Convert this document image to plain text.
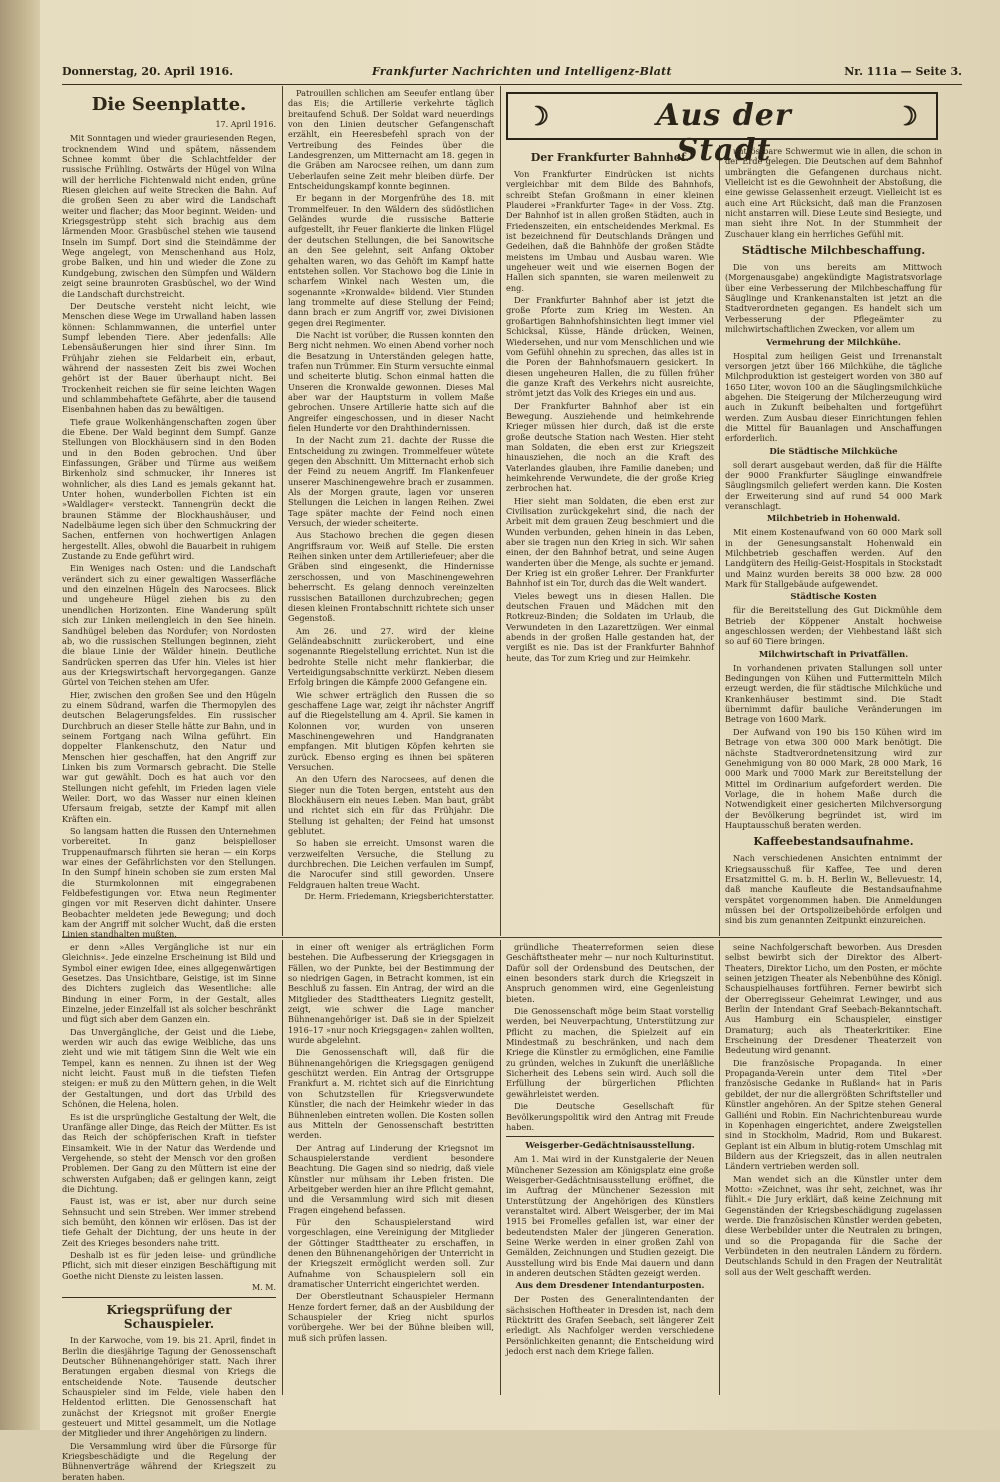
Donnerstag, 20. April 1916.	Frankfurter Nachrichten und Intelligenz-Blatt	Nr. 111a — Seite 3.
Die Seenplatte.
17. April 1916.

Mit Sonntagen und wieder grauriesenden Regen, trocknendem Wind und spätem, nässendem Schnee kommt über die Schlachtfelder der russische Frühling. Ostwärts der Hügel von Wilna will der herrliche Fichtenwald nicht enden, grüne Riesen gleichen auf weite Strecken die Bahn. Auf die großen Seen zu aber wird die Landschaft weiter und flacher; das Moor beginnt. Weiden- und Kriegsgestrüpp steht sich brachig aus dem lärmenden Moor. Grasbüschel stehen wie tausend Inseln im Sumpf. Dort sind die Steindämme der Wege angelegt, von Menschenhand aus Holz, grobe Balken, und hin und wieder die Zone zu Kundgebung, zwischen den Sümpfen und Wäldern zeigt seine braunroten Grasbüschel, wo der Wind die Landschaft durchstreicht.

Der Deutsche versteht nicht leicht, wie Menschen diese Wege im Urwalland haben lassen können: Schlammwannen, die unterfiel unter Sumpf lebenden Tiere. Aber jedenfalls: Alle Lebensäußerungen hier sind ihrer Sinn. Im Frühjahr ziehen sie Feldarbeit ein, erbaut, während der nassesten Zeit bis zwei Wochen gehört ist der Bauer überhaupt nicht. Bei Trockenheit reichen sie für seine leichten Wagen und schlammbehaftete Gefährte, aber die tausend Eisenbahnen haben das zu bewältigen.

Tiefe graue Wolkenhängenschaften zogen über die Ebene. Der Wald beginnt dem Sumpf. Ganze Stellungen von Blockhäusern sind in den Boden und in den Boden gebrochen. Und über Einfassungen, Gräber und Türme aus weißem Birkenholz sind schmucker, ihr Inneres ist wohnlicher, als dies Land es jemals gekannt hat. Unter hohen, wunderbollen Fichten ist ein »Waldlager« versteckt. Tannengrün deckt die braunen Stämme der Blockhaushäuser, und Nadelbäume legen sich über den Schmuckring der Sachen, entfernen von hochwertigen Anlagen hergestellt. Alles, obwohl die Bauarbeit in ruhigem Zustande zu Ende geführt wird.

Ein Weniges nach Osten: und die Landschaft verändert sich zu einer gewaltigen Wasserfläche und den einzelnen Hügeln des Narocsees. Blick und ungeheure Hügel ziehen bis zu den unendlichen Horizonten. Eine Wanderung spült sich zur Linken meilengleich in den See hinein. Sandhügel beleben das Nordufer; von Nordosten ab, wo die russischen Stellungen beginnen, zieht die blaue Linie der Wälder hinein. Deutliche Sandrücken sperren das Ufer hin. Vieles ist hier aus der Kriegswirtschaft hervorgegangen. Ganze Gürtel von Teichen stehen am Ufer.

Hier, zwischen den großen See und den Hügeln zu einem Südrand, warfen die Thermopylen des deutschen Belagerungsfeldes. Ein russischer Durchbruch an dieser Stelle hätte zur Bahn, und in seinem Fortgang nach Wilna geführt. Ein doppelter Flankenschutz, den Natur und Menschen hier geschaffen, hat den Angriff zur Linken bis zum Vormarsch gebracht. Die Stelle war gut gewählt. Doch es hat auch vor den Stellungen nicht gefehlt, im Frieden lagen viele Weiler. Dort, wo das Wasser nur einen kleinen Ufersaum freigab, setzte der Kampf mit allen Kräften ein.

So langsam hatten die Russen den Unternehmen vorbereitet. In ganz beispielloser Truppenaufmarsch führten sie heran — ein Korps war eines der Gefährlichsten vor den Stellungen. In den Sumpf hinein schoben sie zum ersten Mal die Sturmkolonnen mit eingegrabenen Feldbefestigungen vor. Etwa neun Regimenter gingen vor mit Reserven dicht dahinter. Unsere Beobachter meldeten jede Bewegung; und doch kam der Angriff mit solcher Wucht, daß die ersten Linien standhalten mußten.

Patrouillen schlichen am Seeufer entlang über das Eis; die Artillerie verkehrte täglich breitaufend Schuß. Der Soldat ward neuerdings von den Linien deutscher Gefangenschaft erzählt, ein Heeresbefehl sprach von der Vertreibung des Feindes über die Landesgrenzen, um Mitternacht am 18. gegen in die Gräben am Narocsee reihen, um dann zum Ueberlaufen seine Zeit mehr bleiben dürfe. Der Entscheidungskampf konnte beginnen.

Er begann in der Morgenfrühe des 18. mit Trommelfeuer. In den Wäldern des südöstlichen Geländes wurde die russische Batterie aufgestellt, ihr Feuer flankierte die linken Flügel der deutschen Stellungen, die bei Sanowitsche an den See gelehnt, seit Anfang Oktober gehalten waren, wo das Gehöft im Kampf hatte entstehen sollen. Vor Stachowo bog die Linie in scharfem Winkel nach Westen um, die sogenannte »Kronwalde« bildend. Vier Stunden lang trommelte auf diese Stellung der Feind; dann brach er zum Angriff vor, zwei Divisionen gegen drei Regimenter.

Die Nacht ist vorüber, die Russen konnten den Berg nicht nehmen. Wo einen Abend vorher noch die Besatzung in Unterständen gelegen hatte, trafen nun Trümmer. Ein Sturm versuchte einmal und scheiterte blutig. Schon einmal hatten die Unseren die Kronwalde gewonnen. Dieses Mal aber war der Hauptsturm in vollem Maße gebrochen. Unsere Artillerie hatte sich auf die Angreifer eingeschossen, und in dieser Nacht fielen Hunderte vor den Drahthindernissen.

In der Nacht zum 21. dachte der Russe die Entscheidung zu zwingen. Trommelfeuer wütete gegen den Abschnitt. Um Mitternacht erhob sich der Feind zu neuem Angriff. Im Flankenfeuer unserer Maschinengewehre brach er zusammen. Als der Morgen graute, lagen vor unseren Stellungen die Leichen in langen Reihen. Zwei Tage später machte der Feind noch einen Versuch, der wieder scheiterte.

Aus Stachowo brechen die gegen diesen Angriffsraum vor. Weiß auf Stelle. Die ersten Reihen sinken unter dem Artilleriefeuer; aber die Gräben sind eingesenkt, die Hindernisse zerschossen, und von Maschinengewehren beherrscht. Es gelang dennoch vereinzelten russischen Bataillonen durchzubrechen; gegen diesen kleinen Frontabschnitt richtete sich unser Gegenstoß.

Am 26. und 27. wird der kleine Geländeabschnitt zurückerobert, und eine sogenannte Riegelstellung errichtet. Nun ist die bedrohte Stelle nicht mehr flankierbar, die Verteidigungsabschnitte verkürzt. Neben diesem Erfolg bringen die Kämpfe 2000 Gefangene ein.

Wie schwer erträglich den Russen die so geschaffene Lage war, zeigt ihr nächster Angriff auf die Riegelstellung am 4. April. Sie kamen in Kolonnen vor, wurden von unseren Maschinengewehren und Handgranaten empfangen. Mit blutigen Köpfen kehrten sie zurück. Ebenso erging es ihnen bei späteren Versuchen.

An den Ufern des Narocsees, auf denen die Sieger nun die Toten bergen, entsteht aus den Blockhäusern ein neues Leben. Man baut, gräbt und richtet sich ein für das Frühjahr. Die Stellung ist gehalten; der Feind hat umsonst geblutet.

So haben sie erreicht. Umsonst waren die verzweifelten Versuche, die Stellung zu durchbrechen. Die Leichen verfaulen im Sumpf, die Narocufer sind still geworden. Unsere Feldgrauen halten treue Wacht.

Dr. Herm. Friedemann, Kriegsberichterstatter.
☽	Aus der Stadt
☽
Der Frankfurter Bahnhof.

Von Frankfurter Eindrücken ist nichts vergleichbar mit dem Bilde des Bahnhofs, schreibt Stefan Großmann in einer kleinen Plauderei »Frankfurter Tage« in der Voss. Ztg. Der Bahnhof ist in allen großen Städten, auch in Friedenszeiten, ein entscheidendes Merkmal. Es ist bezeichnend für Deutschlands Drängen und Gedeihen, daß die Bahnhöfe der großen Städte meistens im Umbau und Ausbau waren. Wie ungeheuer weit und wie eisernen Bogen der Hallen sich spannten, sie waren meilenweit zu eng.

Der Frankfurter Bahnhof aber ist jetzt die große Pforte zum Krieg im Westen. An großartigen Bahnhofshinsichten liegt immer viel Schicksal, Küsse, Hände drücken, Weinen, Wiedersehen, und nur vom Menschlichen und wie vom Gefühl ohnehin zu sprechen, das alles ist in die Poren der Bahnhofsmauern gesickert. In diesen ungeheuren Hallen, die zu füllen früher die ganze Kraft des Verkehrs nicht ausreichte, strömt jetzt das Volk des Krieges ein und aus.

Der Frankfurter Bahnhof aber ist ein Bewegung. Ausziehende und heimkehrende Krieger müssen hier durch, daß ist die erste große deutsche Station nach Westen. Hier steht man Soldaten, die eben erst zur Kriegszeit hinausziehen, die noch an die Kraft des Vaterlandes glauben, ihre Familie daneben; und heimkehrende Verwundete, die der große Krieg zerbrochen hat.

Hier sieht man Soldaten, die eben erst zur Civilisation zurückgekehrt sind, die nach der Arbeit mit dem grauen Zeug beschmiert und die Wunden verbunden, gehen hinein in das Leben, aber sie tragen nun den Krieg in sich. Wir sahen einen, der den Bahnhof betrat, und seine Augen wanderten über die Menge, als suchte er jemand. Der Krieg ist ein großer Lehrer. Der Frankfurter Bahnhof ist ein Tor, durch das die Welt wandert.

Vieles bewegt uns in diesen Hallen. Die deutschen Frauen und Mädchen mit den Rotkreuz-Binden; die Soldaten im Urlaub, die Verwundeten in den Lazarettzügen. Wer einmal abends in der großen Halle gestanden hat, der vergißt es nie. Das ist der Frankfurter Bahnhof heute, das Tor zum Krieg und zur Heimkehr.

untröstbare Schwermut wie in allen, die schon in der Erde gelegen. Die Deutschen auf dem Bahnhof umbrängten die Gefangenen durchaus nicht. Vielleicht ist es die Gewohnheit der Abstoßung, die eine gewisse Gelassenheit erzeugt. Vielleicht ist es auch eine Art Rücksicht, daß man die Franzosen nicht anstarren will. Diese Leute sind Besiegte, und man sieht ihre Not. In der Stummheit der Zuschauer klang ein herrliches Gefühl mit.

Städtische Milchbeschaffung.

Die von uns bereits am Mittwoch (Morgenausgabe) angekündigte Magistratsvorlage über eine Verbesserung der Milchbeschaffung für Säuglinge und Krankenanstalten ist jetzt an die Stadtverordneten gegangen. Es handelt sich um Verbesserung der Pflegeämter zu milchwirtschaftlichen Zwecken, vor allem um

Vermehrung der Milchkühe.

Hospital zum heiligen Geist und Irrenanstalt versorgen jetzt über 166 Milchkühe, die tägliche Milchproduktion ist gesteigert worden von 380 auf 1650 Liter, wovon 100 an die Säuglingsmilchküche abgehen. Die Steigerung der Milcherzeugung wird auch in Zukunft beibehalten und fortgeführt werden. Zum Ausbau dieser Einrichtungen fehlen die Mittel für Bauanlagen und Anschaffungen erforderlich.

Die Städtische Milchküche

soll derart ausgebaut werden, daß für die Hälfte der 9000 Frankfurter Säuglinge einwandfreie Säuglingsmilch geliefert werden kann. Die Kosten der Erweiterung sind auf rund 54 000 Mark veranschlagt.

Milchbetrieb in Hohenwald.

Mit einem Kostenaufwand von 60 000 Mark soll in der Genesungsanstalt Hohenwald ein Milchbetrieb geschaffen werden. Auf den Landgütern des Heilig-Geist-Hospitals in Stockstadt und Mainz wurden bereits 38 000 bzw. 28 000 Mark für Stallgebäude aufgewendet.

Städtische Kosten

für die Bereitstellung des Gut Dickmühle dem Betrieb der Köppener Anstalt hochweise angeschlossen werden; der Viehbestand läßt sich so auf 60 Tiere bringen.

Milchwirtschaft in Privatfällen.

In vorhandenen privaten Stallungen soll unter Bedingungen von Kühen und Futtermitteln Milch erzeugt werden, die für städtische Milchküche und Krankenhäuser bestimmt sind. Die Stadt übernimmt dafür bauliche Veränderungen im Betrage von 1600 Mark.

Der Aufwand von 190 bis 150 Kühen wird im Betrage von etwa 300 000 Mark benötigt. Die nächste Stadtverordnetensitzung wird zur Genehmigung von 80 000 Mark, 28 000 Mark, 16 000 Mark und 7000 Mark zur Bereitstellung der Mittel im Ordinarium aufgefordert werden. Die Vorlage, die in hohem Maße durch die Notwendigkeit einer gesicherten Milchversorgung der Bevölkerung begründet ist, wird im Hauptausschuß beraten werden.

Kaffeebestandsaufnahme.

Nach verschiedenen Ansichten entnimmt der Kriegsausschuß für Kaffee, Tee und deren Ersatzmittel G. m. b. H. Berlin W., Bellevuestr. 14, daß manche Kaufleute die Bestandsaufnahme verspätet vorgenommen haben. Die Anmeldungen müssen bei der Ortspolizeibehörde erfolgen und sind bis zum genannten Zeitpunkt einzureichen.

er denn »Alles Vergängliche ist nur ein Gleichnis«. Jede einzelne Erscheinung ist Bild und Symbol einer ewigen Idee, eines allgegenwärtigen Gesetzes. Das Unsichtbare, Geistige, ist im Sinne des Dichters zugleich das Wesentliche: alle Bindung in einer Form, in der Gestalt, alles Einzelne, jeder Einzelfall ist als solcher beschränkt und fügt sich aber dem Ganzen ein.

Das Unvergängliche, der Geist und die Liebe, werden wir auch das ewige Weibliche, das uns zieht und wie mit tätigem Sinn die Welt wie ein Tempel, kann es nennen. Zu ihnen ist der Weg nicht leicht. Faust muß in die tiefsten Tiefen steigen: er muß zu den Müttern gehen, in die Welt der Gestaltungen, und dort das Urbild des Schönen, die Helena, holen.

Es ist die ursprüngliche Gestaltung der Welt, die Uranfänge aller Dinge, das Reich der Mütter. Es ist das Reich der schöpferischen Kraft in tiefster Einsamkeit. Wie in der Natur das Werdende und Vergehende, so steht der Mensch vor den großen Problemen. Der Gang zu den Müttern ist eine der schwersten Aufgaben; daß er gelingen kann, zeigt die Dichtung.

Faust ist, was er ist, aber nur durch seine Sehnsucht und sein Streben. Wer immer strebend sich bemüht, den können wir erlösen. Das ist der tiefe Gehalt der Dichtung, der uns heute in der Zeit des Krieges besonders nahe tritt.

Deshalb ist es für jeden leise- und gründliche Pflicht, sich mit dieser einzigen Beschäftigung mit Goethe nicht Dienste zu leisten lassen.

M. M.
Kriegsprüfung der Schauspieler.

In der Karwoche, vom 19. bis 21. April, findet in Berlin die diesjährige Tagung der Genossenschaft Deutscher Bühnenangehöriger statt. Nach ihrer Beratungen ergaben diesmal von Kriegs die entscheidende Note. Tausende deutscher Schauspieler sind im Felde, viele haben den Heldentod erlitten. Die Genossenschaft hat zunächst der Kriegsnot mit großer Energie gesteuert und Mittel gesammelt, um die Notlage der Mitglieder und ihrer Angehörigen zu lindern.

Die Versammlung wird über die Fürsorge für Kriegsbeschädigte und die Regelung der Bühnenverträge während der Kriegszeit zu beraten haben.

in einer oft weniger als erträglichen Form bestehen. Die Aufbesserung der Kriegsgagen in Fällen, wo der Punkte, bei der Bestimmung der so niedrigen Gagen, in Betracht kommen, ist ein Beschluß zu fassen. Ein Antrag, der wird an die Mitglieder des Stadttheaters Liegnitz gestellt, zeigt, wie schwer die Lage mancher Bühnenangehöriger ist. Daß sie in der Spielzeit 1916–17 »nur noch Kriegsgagen« zahlen wollten, wurde abgelehnt.

Die Genossenschaft will, daß für die Bühnenangehörigen die Kriegsgagen genügend geschützt werden. Ein Antrag der Ortsgruppe Frankfurt a. M. richtet sich auf die Einrichtung von Schutzstellen für Kriegsverwundete Künstler, die nach der Heimkehr wieder in das Bühnenleben eintreten wollen. Die Kosten sollen aus Mitteln der Genossenschaft bestritten werden.

Der Antrag auf Linderung der Kriegsnot im Schauspielerstande verdient besondere Beachtung. Die Gagen sind so niedrig, daß viele Künstler nur mühsam ihr Leben fristen. Die Arbeitgeber werden hier an ihre Pflicht gemahnt, und die Versammlung wird sich mit diesen Fragen eingehend befassen.

Für den Schauspielerstand wird vorgeschlagen, eine Vereinigung der Mitglieder der Göttinger Stadttheater zu erschaffen, in denen den Bühnenangehörigen der Unterricht in der Kriegszeit ermöglicht werden soll. Zur Aufnahme von Schauspielern soll ein dramatischer Unterricht eingerichtet werden.

Der Oberstleutnant Schauspieler Hermann Henze fordert ferner, daß an der Ausbildung der Schauspieler der Krieg nicht spurlos vorübergehe. Wer bei der Bühne bleiben will, muß sich prüfen lassen.

gründliche Theaterreformen seien diese Geschäftstheater mehr — nur noch Kulturinstitut. Dafür soll der Ordensbund des Deutschen, der einen besonders stark durch die Kriegszeit in Anspruch genommen wird, eine Gegenleistung bieten.

Die Genossenschaft möge beim Staat vorstellig werden, bei Neuverpachtung, Unterstützung zur Pflicht zu machen, die Spielzeit auf ein Mindestmaß zu beschränken, und nach dem Kriege die Künstler zu ermöglichen, eine Familie zu gründen, welches in Zukunft die unerläßliche Sicherheit des Lebens sein wird. Auch soll die Erfüllung der bürgerlichen Pflichten gewährleistet werden.

Die Deutsche Gesellschaft für Bevölkerungspolitik wird den Antrag mit Freude haben.

Weisgerber-Gedächtnisausstellung.

Am 1. Mai wird in der Kunstgalerie der Neuen Münchener Sezession am Königsplatz eine große Weisgerber-Gedächtnisausstellung eröffnet, die im Auftrag der Münchener Sezession mit Unterstützung der Angehörigen des Künstlers veranstaltet wird. Albert Weisgerber, der im Mai 1915 bei Fromelles gefallen ist, war einer der bedeutendsten Maler der jüngeren Generation. Seine Werke werden in einer großen Zahl von Gemälden, Zeichnungen und Studien gezeigt. Die Ausstellung wird bis Ende Mai dauern und dann in anderen deutschen Städten gezeigt werden.

Aus dem Dresdener Intendanturposten.

Der Posten des Generalintendanten der sächsischen Hoftheater in Dresden ist, nach dem Rücktritt des Grafen Seebach, seit längerer Zeit erledigt. Als Nachfolger werden verschiedene Persönlichkeiten genannt; die Entscheidung wird jedoch erst nach dem Kriege fallen.

seine Nachfolgerschaft beworben. Aus Dresden selbst bewirbt sich der Direktor des Albert-Theaters, Direktor Licho, um den Posten, er möchte seinen jetzigen Theater als Nebenbühne des Königl. Schauspielhauses fortführen. Ferner bewirbt sich der Oberregisseur Geheimrat Lewinger, und aus Berlin der Intendant Graf Seebach-Bekanntschaft. Aus Hamburg ein Schauspieler, einstiger Dramaturg; auch als Theaterkritiker. Eine Erscheinung der Dresdener Theaterzeit von Bedeutung wird genannt.

Die französische Propaganda. In einer Propaganda-Verein unter dem Titel »Der französische Gedanke in Rußland« hat in Paris gebildet, der nur die allergrößten Schriftsteller und Künstler angehören. An der Spitze stehen General Galliéni und Robin. Ein Nachrichtenbureau wurde in Kopenhagen eingerichtet, andere Zweigstellen sind in Stockholm, Madrid, Rom und Bukarest. Geplant ist ein Album in blutig-rotem Umschlag mit Bildern aus der Kriegszeit, das in allen neutralen Ländern vertrieben werden soll.

Man wendet sich an die Künstler unter dem Motto: »Zeichnet, was ihr seht, zeichnet, was ihr fühlt.« Die Jury erklärt, daß keine Zeichnung mit Gegenständen der Kriegsbeschädigung zugelassen werde. Die französischen Künstler werden gebeten, diese Werbebilder unter die Neutralen zu bringen, und so die Propaganda für die Sache der Verbündeten in den neutralen Ländern zu fördern. Deutschlands Schuld in den Fragen der Neutralität soll aus der Welt geschafft werden.
